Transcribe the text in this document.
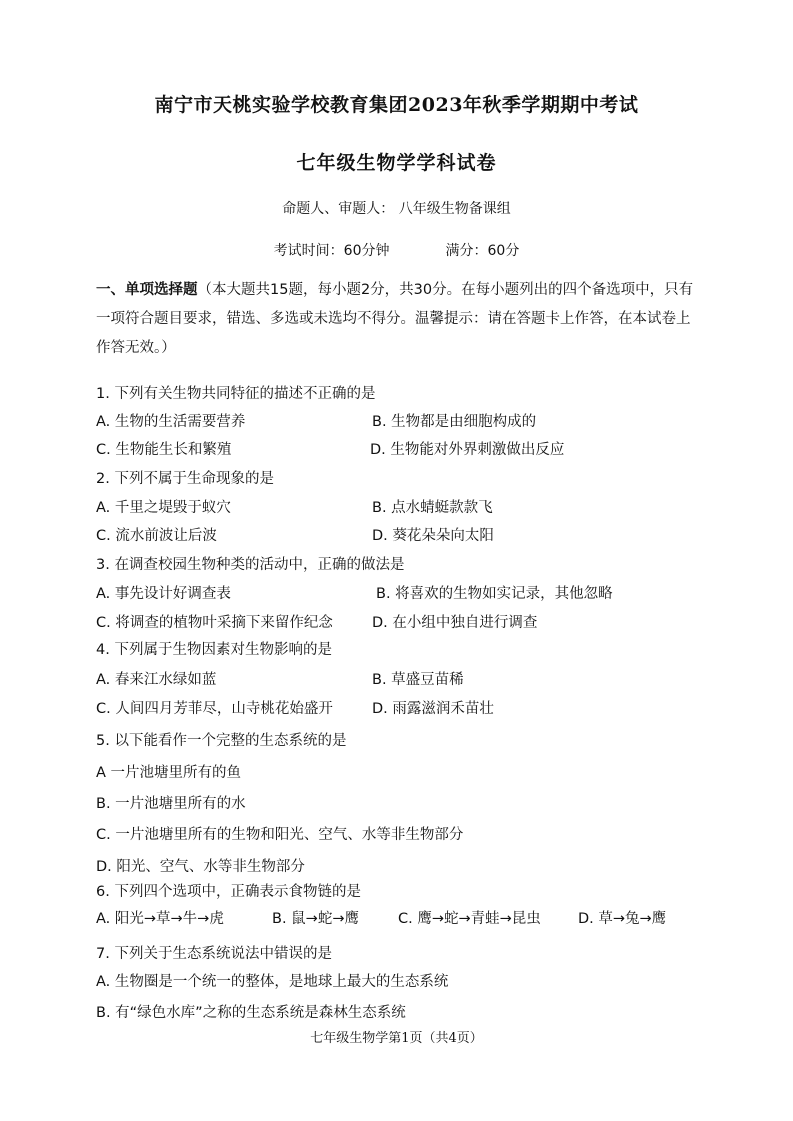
南宁市天桃实验学校教育集团2023年秋季学期期中考试
七年级生物学学科试卷
命题人、审题人： 八年级生物备课组
考试时间：60分钟	满分：60分
一、单项选择题（本大题共15题，每小题2分，共30分。在每小题列出的四个备选项中，只有一项符合题目要求，错选、多选或未选均不得分。温馨提示：请在答题卡上作答，在本试卷上作答无效。）
1. 下列有关生物共同特征的描述不正确的是
A. 生物的生活需要营养	B. 生物都是由细胞构成的
C. 生物能生长和繁殖	D. 生物能对外界刺激做出反应
2. 下列不属于生命现象的是
A. 千里之堤毁于蚁穴	B. 点水蜻蜓款款飞
C. 流水前波让后波	D. 葵花朵朵向太阳
3. 在调查校园生物种类的活动中，正确的做法是
A. 事先设计好调查表	B. 将喜欢的生物如实记录，其他忽略
C. 将调查的植物叶采摘下来留作纪念	D. 在小组中独自进行调查
4. 下列属于生物因素对生物影响的是
A. 春来江水绿如蓝	B. 草盛豆苗稀
C. 人间四月芳菲尽，山寺桃花始盛开	D. 雨露滋润禾苗壮
5. 以下能看作一个完整的生态系统的是
A 一片池塘里所有的鱼
B. 一片池塘里所有的水
C. 一片池塘里所有的生物和阳光、空气、水等非生物部分
D. 阳光、空气、水等非生物部分
6. 下列四个选项中，正确表示食物链的是
A. 阳光→草→牛→虎	B. 鼠→蛇→鹰	C. 鹰→蛇→青蛙→昆虫	D. 草→兔→鹰
7. 下列关于生态系统说法中错误的是
A. 生物圈是一个统一的整体，是地球上最大的生态系统
B. 有“绿色水库”之称的生态系统是森林生态系统
七年级生物学第1页（共4页）
